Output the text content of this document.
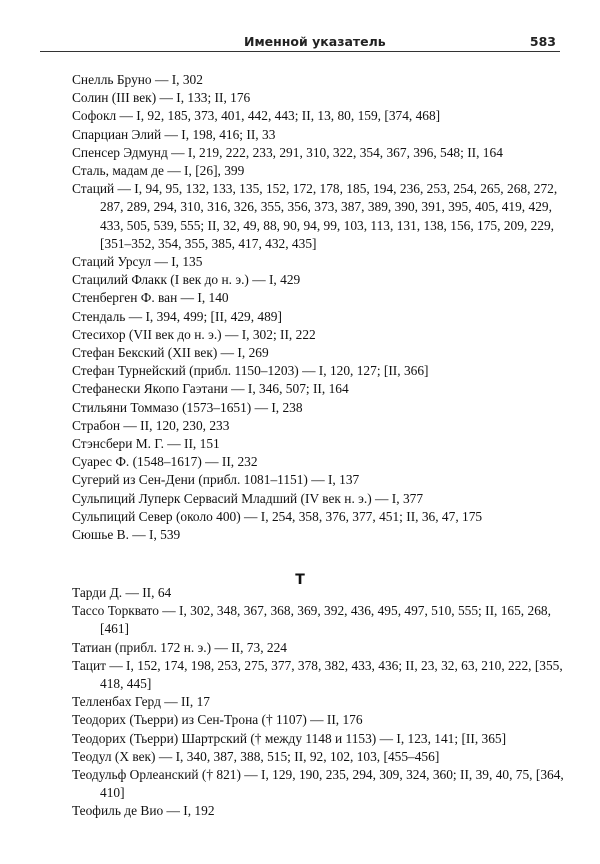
Именной указатель	583

Снелль Бруно — I, 302

Солин (III век) — I, 133; II, 176

Софокл — I, 92, 185, 373, 401, 442, 443; II, 13, 80, 159, [374, 468]

Спарциан Элий — I, 198, 416; II, 33

Спенсер Эдмунд — I, 219, 222, 233, 291, 310, 322, 354, 367, 396, 548; II, 164

Сталь, мадам де — I, [26], 399

Стаций — I, 94, 95, 132, 133, 135, 152, 172, 178, 185, 194, 236, 253, 254, 265, 268, 272, 287, 289, 294, 310, 316, 326, 355, 356, 373, 387, 389, 390, 391, 395, 405, 419, 429, 433, 505, 539, 555; II, 32, 49, 88, 90, 94, 99, 103, 113, 131, 138, 156, 175, 209, 229, [351–352, 354, 355, 385, 417, 432, 435]

Стаций Урсул — I, 135

Стацилий Флакк (I век до н. э.) — I, 429

Стенберген Ф. ван — I, 140

Стендаль — I, 394, 499; [II, 429, 489]

Стесихор (VII век до н. э.) — I, 302; II, 222

Стефан Бекский (XII век) — I, 269

Стефан Турнейский (прибл. 1150–1203) — I, 120, 127; [II, 366]

Стефанески Якопо Гаэтани — I, 346, 507; II, 164

Стильяни Томмазо (1573–1651) — I, 238

Страбон — II, 120, 230, 233

Стэнсбери М. Г. — II, 151

Суарес Ф. (1548–1617) — II, 232

Сугерий из Сен-Дени (прибл. 1081–1151) — I, 137

Сульпиций Луперк Сервасий Младший (IV век н. э.) — I, 377

Сульпиций Север (около 400) — I, 254, 358, 376, 377, 451; II, 36, 47, 175

Сюшье В. — I, 539

Т

Тарди Д. — II, 64

Тассо Торквато — I, 302, 348, 367, 368, 369, 392, 436, 495, 497, 510, 555; II, 165, 268, [461]

Татиан (прибл. 172 н. э.) — II, 73, 224

Тацит — I, 152, 174, 198, 253, 275, 377, 378, 382, 433, 436; II, 23, 32, 63, 210, 222, [355, 418, 445]

Телленбах Герд — II, 17

Теодорих (Тьерри) из Сен-Трона († 1107) — II, 176

Теодорих (Тьерри) Шартрский († между 1148 и 1153) — I, 123, 141; [II, 365]

Теодул (X век) — I, 340, 387, 388, 515; II, 92, 102, 103, [455–456]

Теодульф Орлеанский († 821) — I, 129, 190, 235, 294, 309, 324, 360; II, 39, 40, 75, [364, 410]

Теофиль де Вио — I, 192
